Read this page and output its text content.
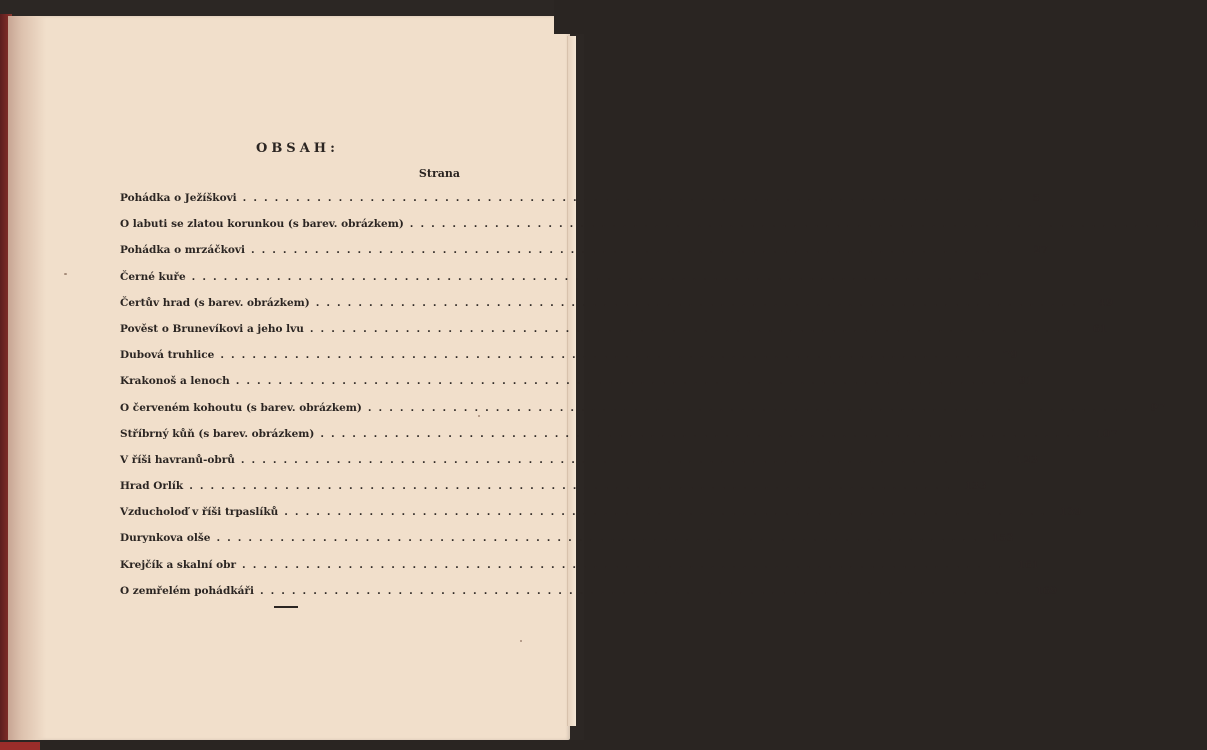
OBSAH:
Strana
Pohádka o Ježíškovi ........................................................................	5
O labuti se zlatou korunkou (s barev. obrázkem) ........................................................................	17
Pohádka o mrzáčkovi ........................................................................	27
Černé kuře ........................................................................	37
Čertův hrad (s barev. obrázkem) ........................................................................	49
Pověst o Brunevíkovi a jeho lvu ........................................................................	61
Dubová truhlice ........................................................................	79
Krakonoš a lenoch ........................................................................	91
O červeném kohoutu (s barev. obrázkem) ........................................................................	97
Stříbrný kůň (s barev. obrázkem) ........................................................................ 107
V říši havranů-obrů ........................................................................ 123
Hrad Orlík ........................................................................ 133
Vzducholoď v říši trpaslíků ........................................................................ 139
Durynkova olše ........................................................................ 153
Krejčík a skalní obr ........................................................................ 161
O zemřelém pohádkáři ........................................................................ 169
